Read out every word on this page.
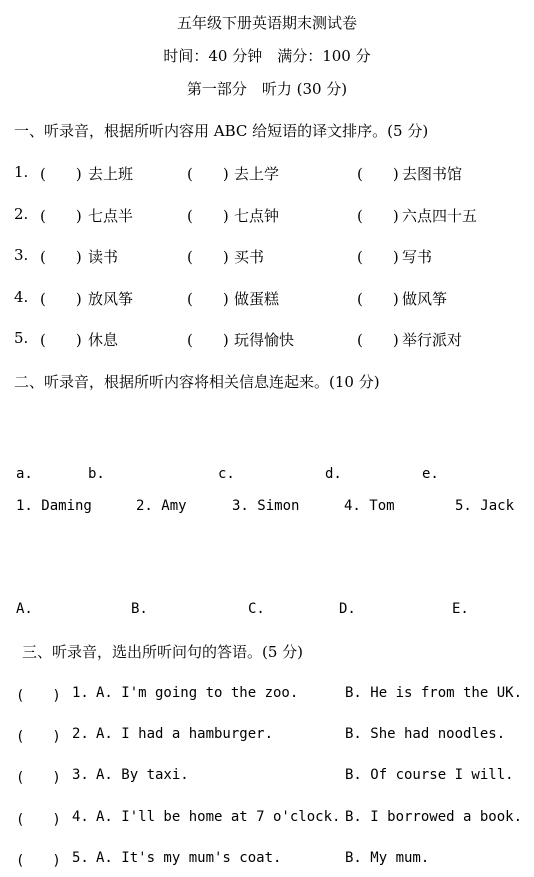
五年级下册英语期末测试卷
时间：40 分钟　满分：100 分
第一部分　听力 (30 分)
一、听录音，根据所听内容用 ABC 给短语的译文排序。(5 分)
1. (　　) 去上班	(　　) 去上学	(　　) 去图书馆
2. (　　) 七点半	(　　) 七点钟	(　　) 六点四十五
3. (　　) 读书	(　　) 买书	(　　) 写书
4. (　　) 放风筝	(　　) 做蛋糕	(　　) 做风筝
5. (　　) 休息	(　　) 玩得愉快	(　　) 举行派对
二、听录音，根据所听内容将相关信息连起来。(10 分)
a.	b.	c.	d.	e.
1. Daming	2. Amy	3. Simon	4. Tom	5. Jack
A.	B.	C.	D.	E.
三、听录音，选出所听问句的答语。(5 分)
(　　) 1. A. I'm going to the zoo.	B. He is from the UK.
(　　) 2. A. I had a hamburger.	B. She had noodles.
(　　) 3. A. By taxi.	B. Of course I will.
(　　) 4. A. I'll be home at 7 o'clock. B. I borrowed a book.
(　　) 5. A. It's my mum's coat.	B. My mum.
